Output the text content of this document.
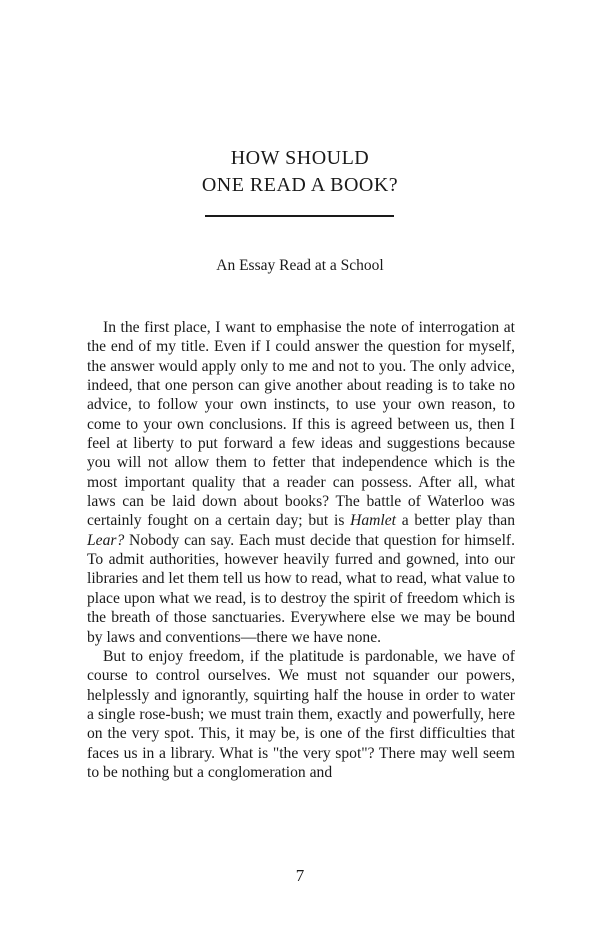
HOW SHOULD
ONE READ A BOOK?

An Essay Read at a School

In the first place, I want to emphasise the note of interrogation at the end of my title. Even if I could answer the question for myself, the answer would apply only to me and not to you. The only advice, indeed, that one person can give another about reading is to take no advice, to follow your own instincts, to use your own reason, to come to your own conclusions. If this is agreed between us, then I feel at liberty to put forward a few ideas and suggestions because you will not allow them to fetter that independence which is the most important quality that a reader can possess. After all, what laws can be laid down about books? The battle of Waterloo was certainly fought on a certain day; but is Hamlet a better play than Lear? Nobody can say. Each must decide that question for himself. To admit authorities, however heavily furred and gowned, into our libraries and let them tell us how to read, what to read, what value to place upon what we read, is to destroy the spirit of freedom which is the breath of those sanctuaries. Everywhere else we may be bound by laws and conventions—there we have none.

But to enjoy freedom, if the platitude is pardonable, we have of course to control ourselves. We must not squander our powers, helplessly and ignorantly, squirting half the house in order to water a single rose-bush; we must train them, exactly and powerfully, here on the very spot. This, it may be, is one of the first difficulties that faces us in a library. What is "the very spot"? There may well seem to be nothing but a conglomeration and

7
